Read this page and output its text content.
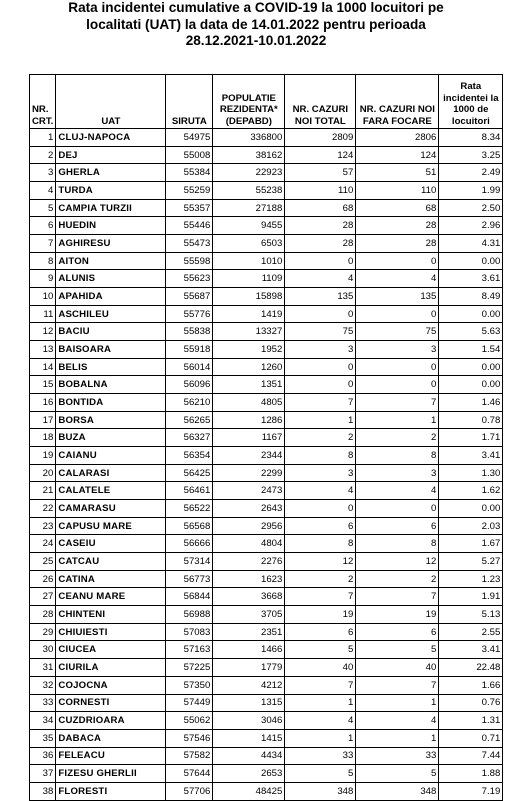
Rata incidentei cumulative a COVID-19 la 1000 locuitori pe
localitati (UAT) la data de 14.01.2022 pentru perioada
28.12.2021-10.01.2022
NR. CRT.	UAT	SIRUTA	POPULATIE REZIDENTA* (DEPABD)	NR. CAZURI NOI TOTAL	NR. CAZURI NOI FARA FOCARE	Rata incidentei la 1000 de locuitori
1	CLUJ-NAPOCA	54975	336800	2809	2806	8.34
2	DEJ	55008	38162	124	124	3.25
3	GHERLA	55384	22923	57	51	2.49
4	TURDA	55259	55238	110	110	1.99
5	CAMPIA TURZII	55357	27188	68	68	2.50
6	HUEDIN	55446	9455	28	28	2.96
7	AGHIRESU	55473	6503	28	28	4.31
8	AITON	55598	1010	0	0	0.00
9	ALUNIS	55623	1109	4	4	3.61
10	APAHIDA	55687	15898	135	135	8.49
11	ASCHILEU	55776	1419	0	0	0.00
12	BACIU	55838	13327	75	75	5.63
13	BAISOARA	55918	1952	3	3	1.54
14	BELIS	56014	1260	0	0	0.00
15	BOBALNA	56096	1351	0	0	0.00
16	BONTIDA	56210	4805	7	7	1.46
17	BORSA	56265	1286	1	1	0.78
18	BUZA	56327	1167	2	2	1.71
19	CAIANU	56354	2344	8	8	3.41
20	CALARASI	56425	2299	3	3	1.30
21	CALATELE	56461	2473	4	4	1.62
22	CAMARASU	56522	2643	0	0	0.00
23	CAPUSU MARE	56568	2956	6	6	2.03
24	CASEIU	56666	4804	8	8	1.67
25	CATCAU	57314	2276	12	12	5.27
26	CATINA	56773	1623	2	2	1.23
27	CEANU MARE	56844	3668	7	7	1.91
28	CHINTENI	56988	3705	19	19	5.13
29	CHIUIESTI	57083	2351	6	6	2.55
30	CIUCEA	57163	1466	5	5	3.41
31	CIURILA	57225	1779	40	40	22.48
32	COJOCNA	57350	4212	7	7	1.66
33	CORNESTI	57449	1315	1	1	0.76
34	CUZDRIOARA	55062	3046	4	4	1.31
35	DABACA	57546	1415	1	1	0.71
36	FELEACU	57582	4434	33	33	7.44
37	FIZESU GHERLII	57644	2653	5	5	1.88
38	FLORESTI	57706	48425	348	348	7.19
